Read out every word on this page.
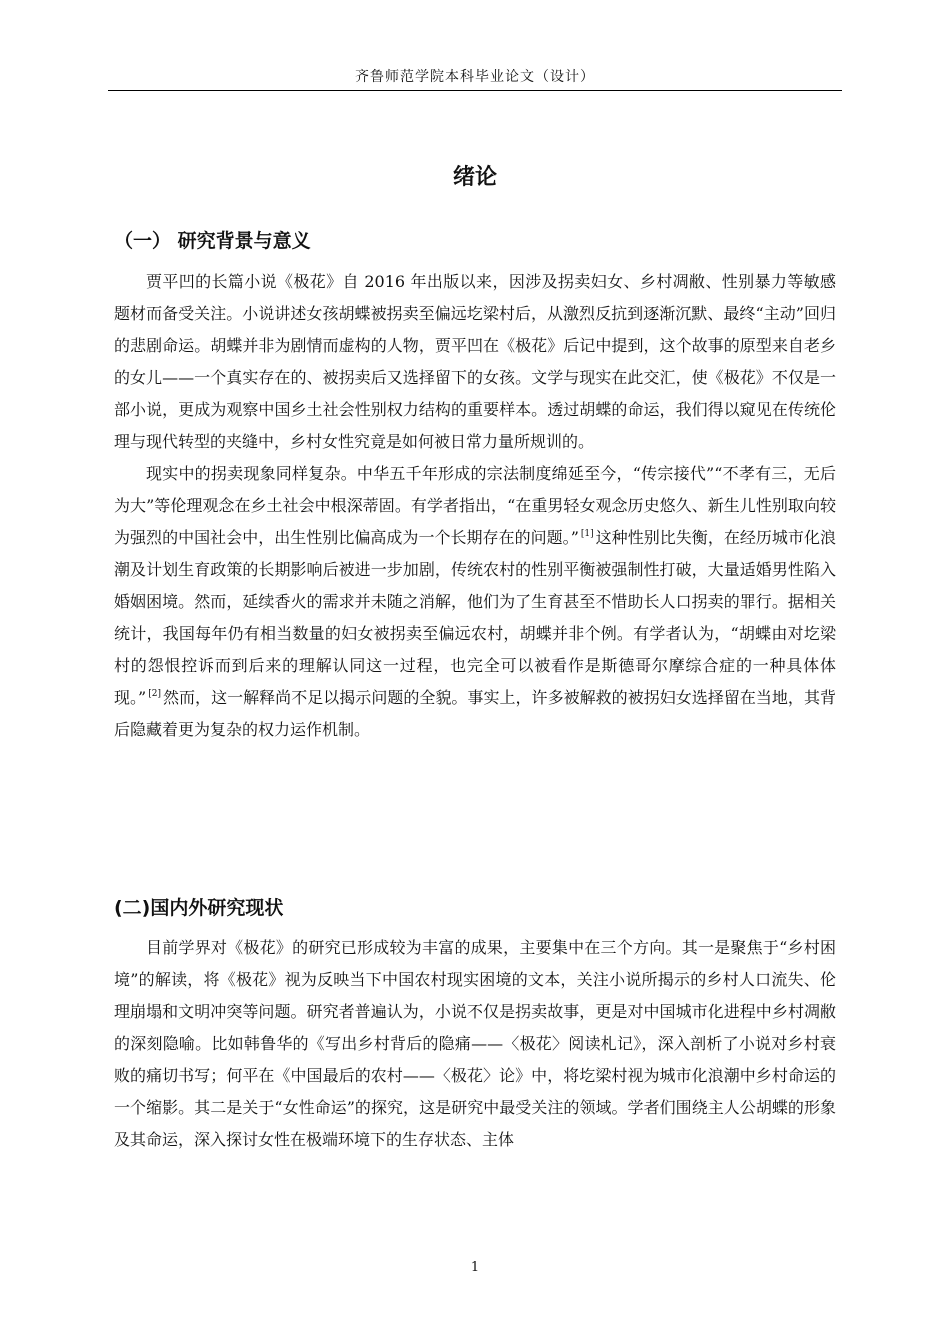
齐鲁师范学院本科毕业论文（设计）
绪论
（一） 研究背景与意义

贾平凹的长篇小说《极花》自 2016 年出版以来，因涉及拐卖妇女、乡村凋敝、性别暴力等敏感题材而备受关注。小说讲述女孩胡蝶被拐卖至偏远圪梁村后，从激烈反抗到逐渐沉默、最终“主动”回归的悲剧命运。胡蝶并非为剧情而虚构的人物，贾平凹在《极花》后记中提到，这个故事的原型来自老乡的女儿——一个真实存在的、被拐卖后又选择留下的女孩。文学与现实在此交汇，使《极花》不仅是一部小说，更成为观察中国乡土社会性别权力结构的重要样本。透过胡蝶的命运，我们得以窥见在传统伦理与现代转型的夹缝中，乡村女性究竟是如何被日常力量所规训的。

现实中的拐卖现象同样复杂。中华五千年形成的宗法制度绵延至今，“传宗接代”“不孝有三，无后为大”等伦理观念在乡土社会中根深蒂固。有学者指出，“在重男轻女观念历史悠久、新生儿性别取向较为强烈的中国社会中，出生性别比偏高成为一个长期存在的问题。” [1] 这种性别比失衡，在经历城市化浪潮及计划生育政策的长期影响后被进一步加剧，传统农村的性别平衡被强制性打破，大量适婚男性陷入婚姻困境。然而，延续香火的需求并未随之消解，他们为了生育甚至不惜助长人口拐卖的罪行。据相关统计，我国每年仍有相当数量的妇女被拐卖至偏远农村，胡蝶并非个例。有学者认为，“胡蝶由对圪梁村的怨恨控诉而到后来的理解认同这一过程，也完全可以被看作是斯德哥尔摩综合症的一种具体体现。” [2] 然而，这一解释尚不足以揭示问题的全貌。事实上，许多被解救的被拐妇女选择留在当地，其背后隐藏着更为复杂的权力运作机制。

(二)国内外研究现状

目前学界对《极花》的研究已形成较为丰富的成果，主要集中在三个方向。其一是聚焦于“乡村困境”的解读，将《极花》视为反映当下中国农村现实困境的文本，关注小说所揭示的乡村人口流失、伦理崩塌和文明冲突等问题。研究者普遍认为，小说不仅是拐卖故事，更是对中国城市化进程中乡村凋敝的深刻隐喻。比如韩鲁华的《写出乡村背后的隐痛——〈极花〉阅读札记》，深入剖析了小说对乡村衰败的痛切书写；何平在《中国最后的农村——〈极花〉论》中，将圪梁村视为城市化浪潮中乡村命运的一个缩影。其二是关于“女性命运”的探究，这是研究中最受关注的领域。学者们围绕主人公胡蝶的形象及其命运，深入探讨女性在极端环境下的生存状态、主体

1
